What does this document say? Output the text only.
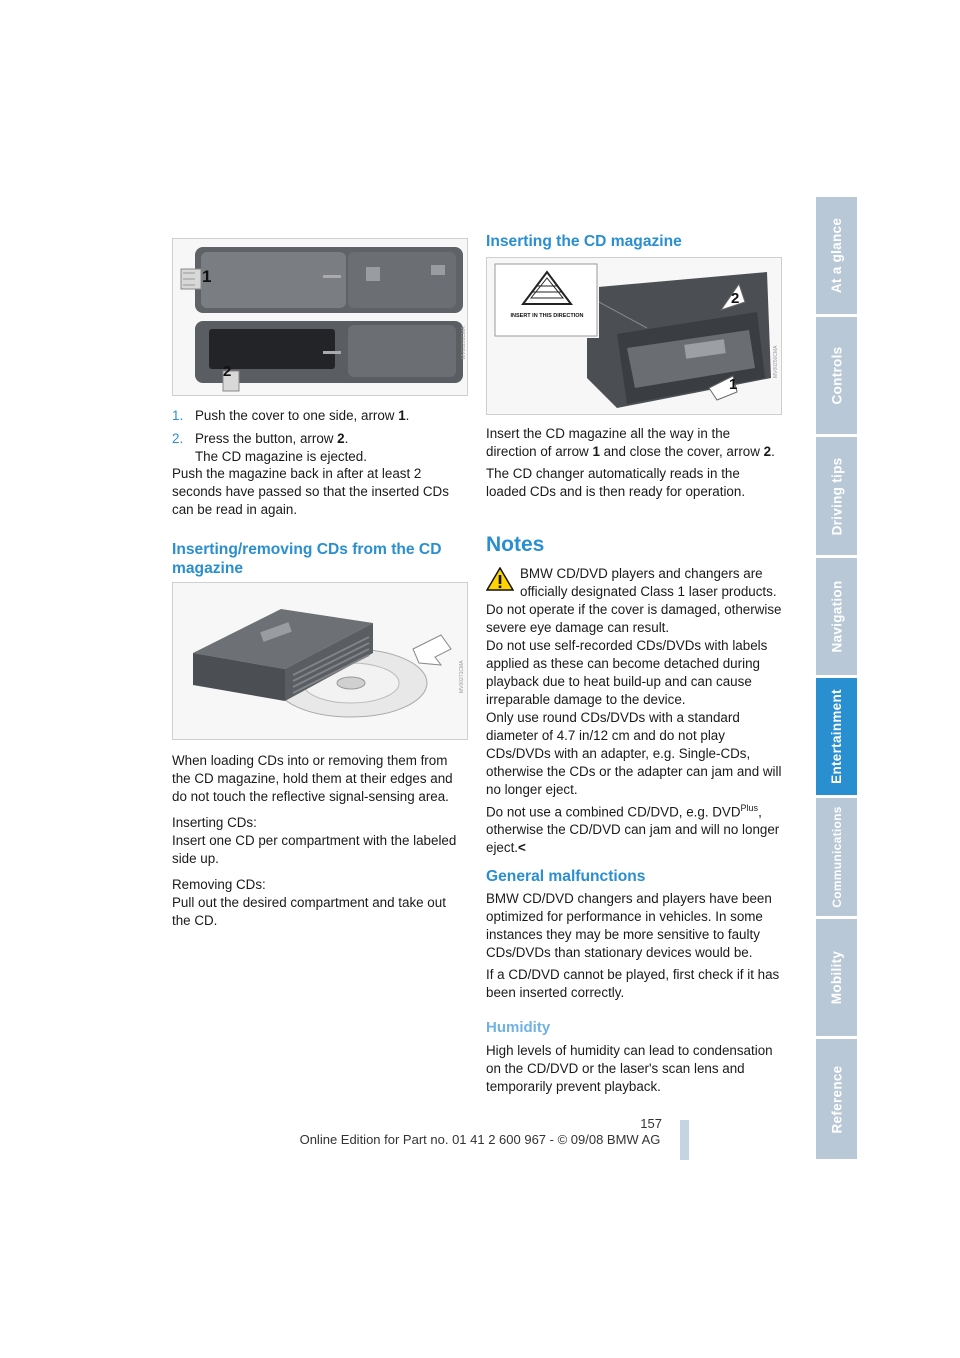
MV00201CMA
1
2

1. Push the cover to one side, arrow 1.

2. Press the button, arrow 2.

The CD magazine is ejected.

Push the magazine back in after at least 2 seconds have passed so that the inserted CDs can be read in again.

Inserting/removing CDs from the CD magazine
MV00271CMA

When loading CDs into or removing them from the CD magazine, hold them at their edges and do not touch the reflective signal-sensing area.

Inserting CDs:

Insert one CD per compartment with the labeled side up.

Removing CDs:

Pull out the desired compartment and take out the CD.

Inserting the CD magazine
MV00250CMA
INSERT IN THIS DIRECTION
2
1

Insert the CD magazine all the way in the direction of arrow 1 and close the cover, arrow 2.

The CD changer automatically reads in the loaded CDs and is then ready for operation.

Notes

BMW CD/DVD players and changers are officially designated Class 1 laser products. Do not operate if the cover is damaged, otherwise severe eye damage can result.

Do not use self-recorded CDs/DVDs with labels applied as these can become detached during playback due to heat build-up and can cause irreparable damage to the device.

Only use round CDs/DVDs with a standard diameter of 4.7 in/12 cm and do not play CDs/DVDs with an adapter, e.g. Single-CDs, otherwise the CDs or the adapter can jam and will no longer eject.

Do not use a combined CD/DVD, e.g. $DVD^{Plus}$, otherwise the CD/DVD can jam and will no longer eject.<

General malfunctions

BMW CD/DVD changers and players have been optimized for performance in vehicles. In some instances they may be more sensitive to faulty CDs/DVDs than stationary devices would be.

If a CD/DVD cannot be played, first check if it has been inserted correctly.

Humidity

High levels of humidity can lead to condensation on the CD/DVD or the laser's scan lens and temporarily prevent playback.

At a glance
Controls
Driving tips
Navigation
Entertainment
Communications
Mobility
Reference
157
Online Edition for Part no. 01 41 2 600 967 - © 09/08 BMW AG
